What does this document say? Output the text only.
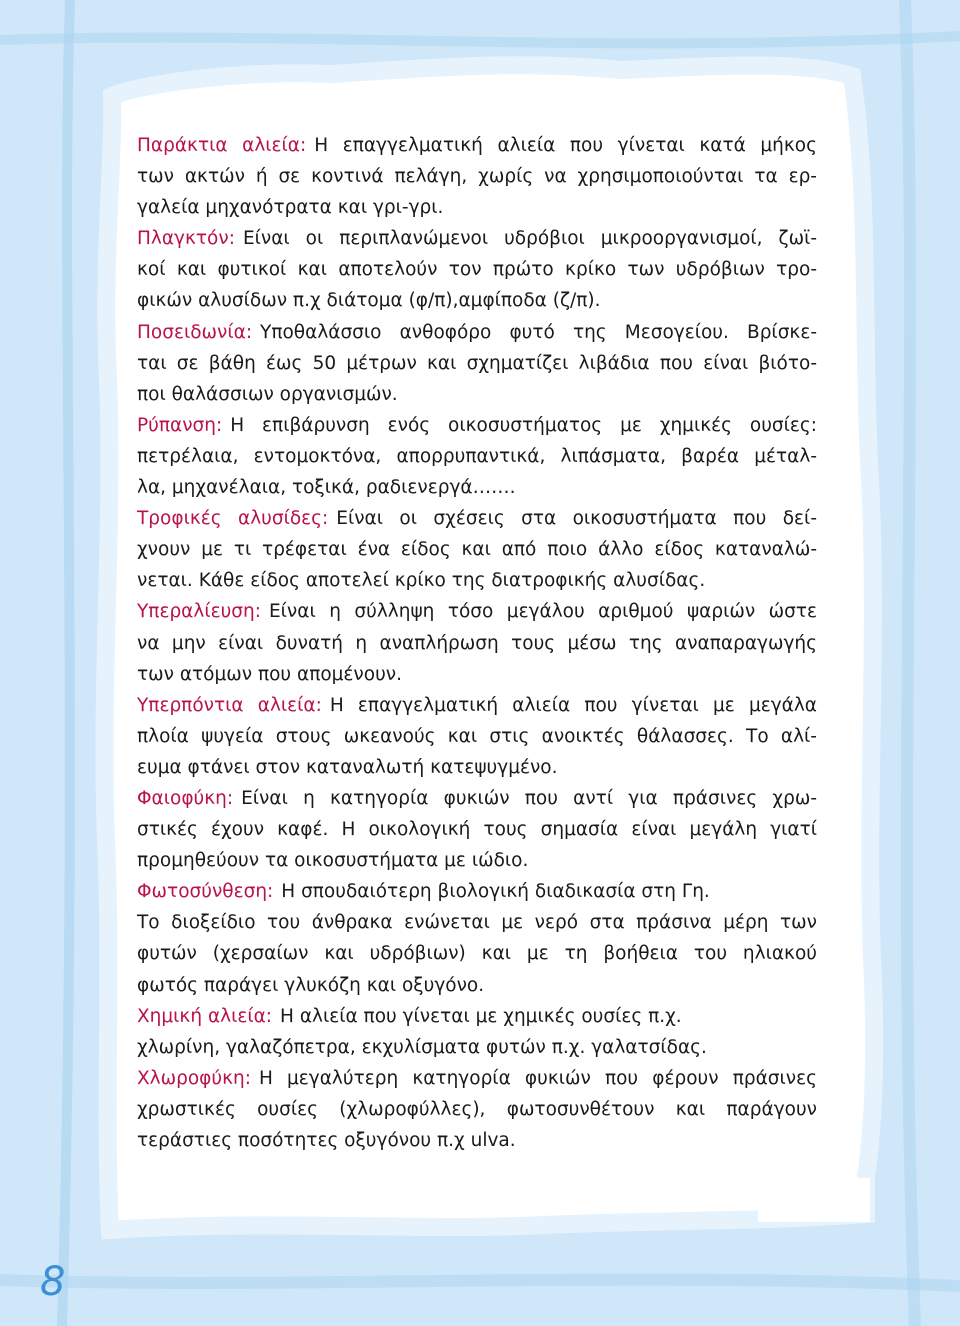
Παράκτια αλιεία: Η επαγγελματική αλιεία που γίνεται κατά μήκος
των ακτών ή σε κοντινά πελάγη, χωρίς να χρησιμοποιούνται τα ερ-
γαλεία μηχανότρατα και γρι-γρι.
Πλαγκτόν: Είναι οι περιπλανώμενοι υδρόβιοι μικροοργανισμοί, ζωϊ-
κοί και φυτικοί και αποτελούν τον πρώτο κρίκο των υδρόβιων τρο-
φικών αλυσίδων π.χ διάτομα (φ/π),αμφίποδα (ζ/π).
Ποσειδωνία: Υποθαλάσσιο ανθοφόρο φυτό της Μεσογείου. Βρίσκε-
ται σε βάθη έως 50 μέτρων και σχηματίζει λιβάδια που είναι βιότο-
ποι θαλάσσιων οργανισμών.
Ρύπανση: Η επιβάρυνση ενός οικοσυστήματος με χημικές ουσίες:
πετρέλαια, εντομοκτόνα, απορρυπαντικά, λιπάσματα, βαρέα μέταλ-
λα, μηχανέλαια, τοξικά, ραδιενεργά…….
Τροφικές αλυσίδες: Είναι οι σχέσεις στα οικοσυστήματα που δεί-
χνουν με τι τρέφεται ένα είδος και από ποιο άλλο είδος καταναλώ-
νεται. Κάθε είδος αποτελεί κρίκο της διατροφικής αλυσίδας.
Υπεραλίευση: Είναι η σύλληψη τόσο μεγάλου αριθμού ψαριών ώστε
να μην είναι δυνατή η αναπλήρωση τους μέσω της αναπαραγωγής
των ατόμων που απομένουν.
Υπερπόντια αλιεία: Η επαγγελματική αλιεία που γίνεται με μεγάλα
πλοία ψυγεία στους ωκεανούς και στις ανοικτές θάλασσες. Το αλί-
ευμα φτάνει στον καταναλωτή κατεψυγμένο.
Φαιοφύκη: Είναι η κατηγορία φυκιών που αντί για πράσινες χρω-
στικές έχουν καφέ. Η οικολογική τους σημασία είναι μεγάλη γιατί
προμηθεύουν τα οικοσυστήματα με ιώδιο.
Φωτοσύνθεση: Η σπουδαιότερη βιολογική διαδικασία στη Γη.
Το διοξείδιο του άνθρακα ενώνεται με νερό στα πράσινα μέρη των
φυτών (χερσαίων και υδρόβιων) και με τη βοήθεια του ηλιακού
φωτός παράγει γλυκόζη και οξυγόνο.
Χημική αλιεία: Η αλιεία που γίνεται με χημικές ουσίες π.χ.
χλωρίνη, γαλαζόπετρα, εκχυλίσματα φυτών π.χ. γαλατσίδας.
Χλωροφύκη: Η μεγαλύτερη κατηγορία φυκιών που φέρουν πράσινες
χρωστικές ουσίες (χλωροφύλλες), φωτοσυνθέτουν και παράγουν
τεράστιες ποσότητες οξυγόνου π.χ ulva.
8
